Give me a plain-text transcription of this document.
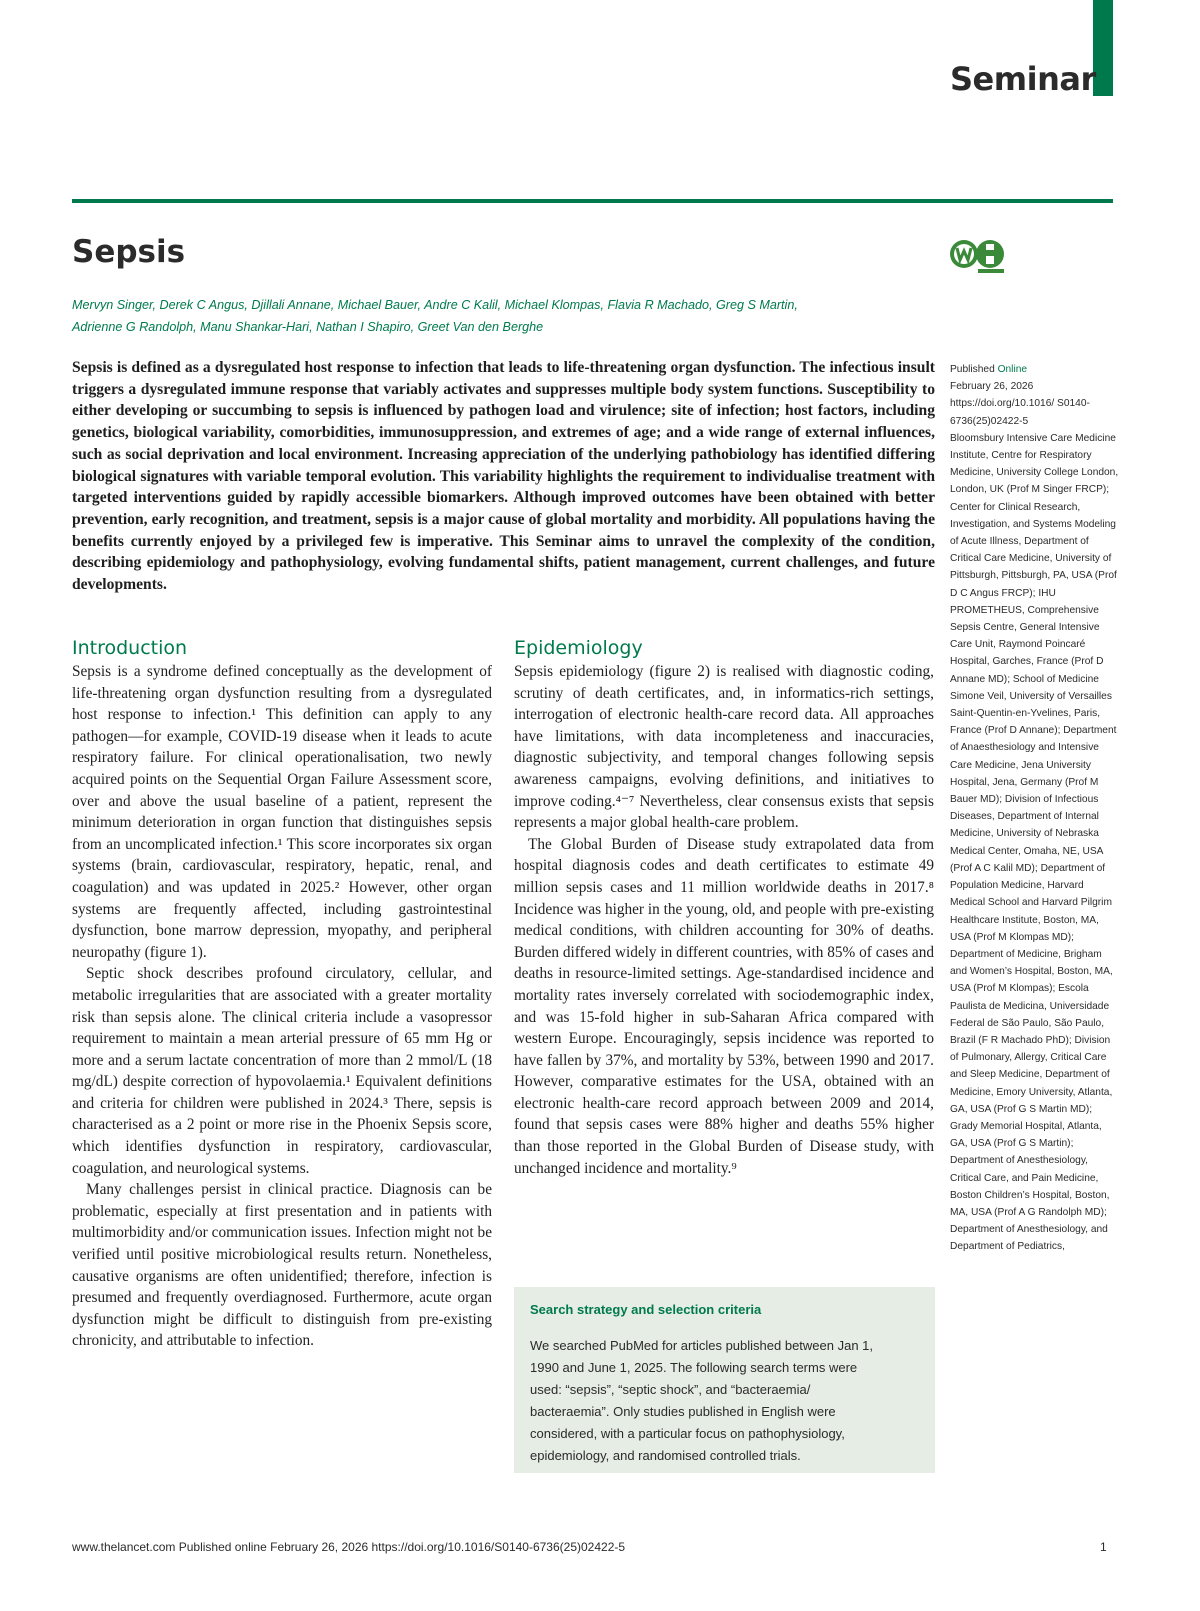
Seminar
Sepsis
Mervyn Singer, Derek C Angus, Djillali Annane, Michael Bauer, Andre C Kalil, Michael Klompas, Flavia R Machado, Greg S Martin,
Adrienne G Randolph, Manu Shankar-Hari, Nathan I Shapiro, Greet Van den Berghe
Sepsis is defined as a dysregulated host response to infection that leads to life-threatening organ dysfunction. The infectious insult triggers a dysregulated immune response that variably activates and suppresses multiple body system functions. Susceptibility to either developing or succumbing to sepsis is influenced by pathogen load and virulence; site of infection; host factors, including genetics, biological variability, comorbidities, immunosuppression, and extremes of age; and a wide range of external influences, such as social deprivation and local environment. Increasing appreciation of the underlying pathobiology has identified differing biological signatures with variable temporal evolution. This variability highlights the requirement to individualise treatment with targeted interventions guided by rapidly accessible biomarkers. Although improved outcomes have been obtained with better prevention, early recognition, and treatment, sepsis is a major cause of global mortality and morbidity. All populations having the benefits currently enjoyed by a privileged few is imperative. This Seminar aims to unravel the complexity of the condition, describing epidemiology and pathophysiology, evolving fundamental shifts, patient management, current challenges, and future developments.
Introduction

Sepsis is a syndrome defined conceptually as the development of life-threatening organ dysfunction resulting from a dysregulated host response to infection.¹ This definition can apply to any pathogen—for example, COVID-19 disease when it leads to acute respiratory failure. For clinical operationalisation, two newly acquired points on the Sequential Organ Failure Assessment score, over and above the usual baseline of a patient, represent the minimum deterioration in organ function that distinguishes sepsis from an uncomplicated infection.¹ This score incorporates six organ systems (brain, cardiovascular, respiratory, hepatic, renal, and coagulation) and was updated in 2025.² However, other organ systems are frequently affected, including gastrointestinal dysfunction, bone marrow depression, myopathy, and peripheral neuropathy (figure 1).

Septic shock describes profound circulatory, cellular, and metabolic irregularities that are associated with a greater mortality risk than sepsis alone. The clinical criteria include a vasopressor requirement to maintain a mean arterial pressure of 65 mm Hg or more and a serum lactate concentration of more than 2 mmol/L (18 mg/dL) despite correction of hypovolaemia.¹ Equivalent definitions and criteria for children were published in 2024.³ There, sepsis is characterised as a 2 point or more rise in the Phoenix Sepsis score, which identifies dysfunction in respiratory, cardiovascular, coagulation, and neurological systems.

Many challenges persist in clinical practice. Diagnosis can be problematic, especially at first presentation and in patients with multimorbidity and/or communication issues. Infection might not be verified until positive microbiological results return. Nonetheless, causative organisms are often unidentified; therefore, infection is presumed and frequently overdiagnosed. Furthermore, acute organ dysfunction might be difficult to distinguish from pre-existing chronicity, and attributable to infection.

Epidemiology

Sepsis epidemiology (figure 2) is realised with diagnostic coding, scrutiny of death certificates, and, in informatics-rich settings, interrogation of electronic health-care record data. All approaches have limitations, with data incompleteness and inaccuracies, diagnostic subjectivity, and temporal changes following sepsis awareness campaigns, evolving definitions, and initiatives to improve coding.⁴⁻⁷ Nevertheless, clear consensus exists that sepsis represents a major global health-care problem.

The Global Burden of Disease study extrapolated data from hospital diagnosis codes and death certificates to estimate 49 million sepsis cases and 11 million worldwide deaths in 2017.⁸ Incidence was higher in the young, old, and people with pre-existing medical conditions, with children accounting for 30% of deaths. Burden differed widely in different countries, with 85% of cases and deaths in resource-limited settings. Age-standardised incidence and mortality rates inversely correlated with sociodemographic index, and was 15-fold higher in sub-Saharan Africa compared with western Europe. Encouragingly, sepsis incidence was reported to have fallen by 37%, and mortality by 53%, between 1990 and 2017. However, comparative estimates for the USA, obtained with an electronic health-care record approach between 2009 and 2014, found that sepsis cases were 88% higher and deaths 55% higher than those reported in the Global Burden of Disease study, with unchanged incidence and mortality.⁹

Search strategy and selection criteria

We searched PubMed for articles published between Jan 1, 1990 and June 1, 2025. The following search terms were used: “sepsis”, “septic shock”, and “bacteraemia/ bacteraemia”. Only studies published in English were considered, with a particular focus on pathophysiology, epidemiology, and randomised controlled trials.

Published Online
February 26, 2026
https://doi.org/10.1016/ S0140-6736(25)02422-5
Bloomsbury Intensive Care Medicine Institute, Centre for Respiratory Medicine, University College London, London, UK (Prof M Singer FRCP); Center for Clinical Research, Investigation, and Systems Modeling of Acute Illness, Department of Critical Care Medicine, University of Pittsburgh, Pittsburgh, PA, USA (Prof D C Angus FRCP); IHU PROMETHEUS, Comprehensive Sepsis Centre, General Intensive Care Unit, Raymond Poincaré Hospital, Garches, France (Prof D Annane MD); School of Medicine Simone Veil, University of Versailles Saint-Quentin-en-Yvelines, Paris, France (Prof D Annane); Department of Anaesthesiology and Intensive Care Medicine, Jena University Hospital, Jena, Germany (Prof M Bauer MD); Division of Infectious Diseases, Department of Internal Medicine, University of Nebraska Medical Center, Omaha, NE, USA (Prof A C Kalil MD); Department of Population Medicine, Harvard Medical School and Harvard Pilgrim Healthcare Institute, Boston, MA, USA (Prof M Klompas MD); Department of Medicine, Brigham and Women’s Hospital, Boston, MA, USA (Prof M Klompas); Escola Paulista de Medicina, Universidade Federal de São Paulo, São Paulo, Brazil (F R Machado PhD); Division of Pulmonary, Allergy, Critical Care and Sleep Medicine, Department of Medicine, Emory University, Atlanta, GA, USA (Prof G S Martin MD); Grady Memorial Hospital, Atlanta, GA, USA (Prof G S Martin); Department of Anesthesiology, Critical Care, and Pain Medicine, Boston Children’s Hospital, Boston, MA, USA (Prof A G Randolph MD); Department of Anesthesiology, and Department of Pediatrics,
www.thelancet.com Published online February 26, 2026 https://doi.org/10.1016/S0140-6736(25)02422-5	1
